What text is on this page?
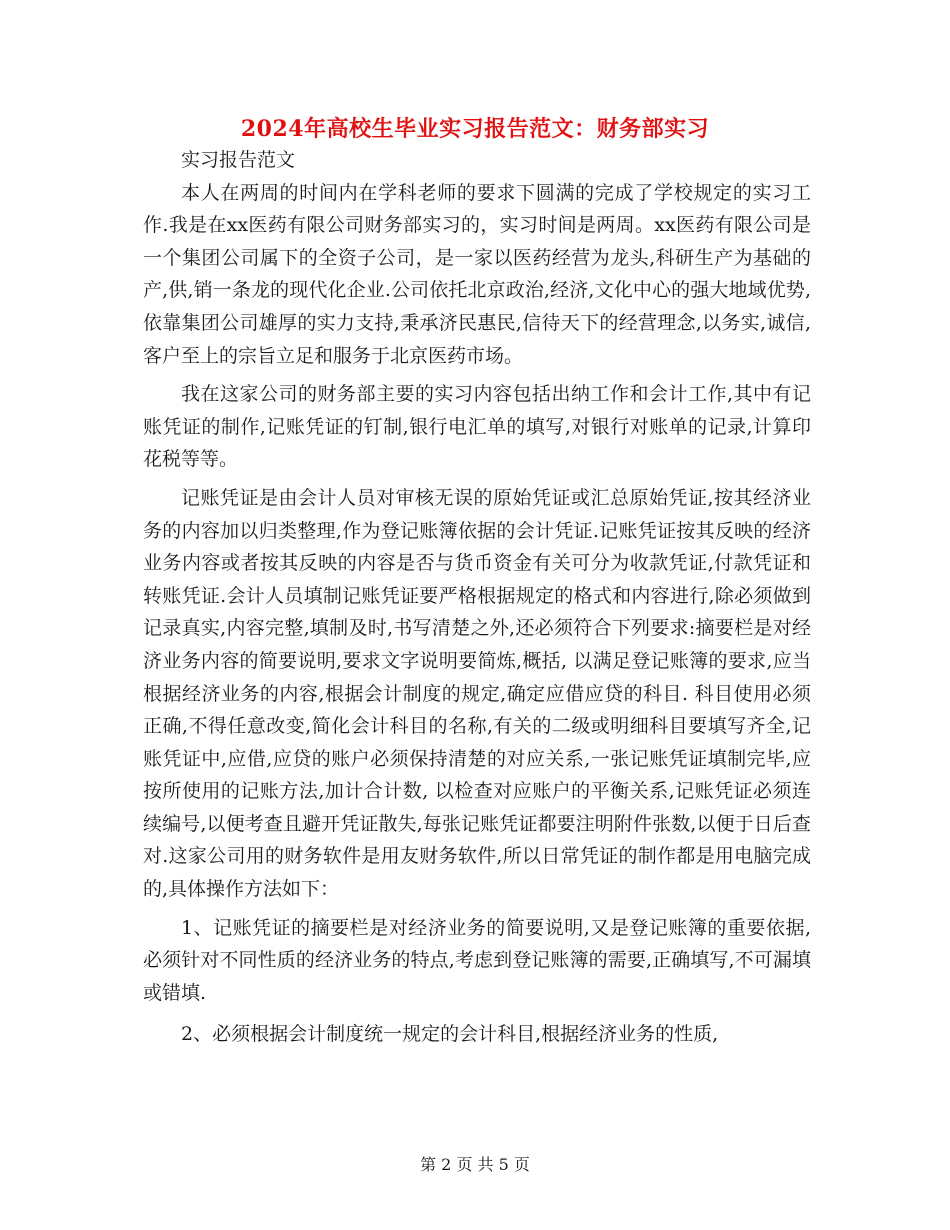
2024年高校生毕业实习报告范文：财务部实习

实习报告范文

本人在两周的时间内在学科老师的要求下圆满的完成了学校规定的实习工作.我是在xx医药有限公司财务部实习的，实习时间是两周。xx医药有限公司是一个集团公司属下的全资子公司，是一家以医药经营为龙头,科研生产为基础的产,供,销一条龙的现代化企业.公司依托北京政治,经济,文化中心的强大地域优势,依靠集团公司雄厚的实力支持,秉承济民惠民,信待天下的经营理念,以务实,诚信,客户至上的宗旨立足和服务于北京医药市场。

我在这家公司的财务部主要的实习内容包括出纳工作和会计工作,其中有记账凭证的制作,记账凭证的钉制,银行电汇单的填写,对银行对账单的记录,计算印花税等等。

记账凭证是由会计人员对审核无误的原始凭证或汇总原始凭证,按其经济业务的内容加以归类整理,作为登记账簿依据的会计凭证.记账凭证按其反映的经济业务内容或者按其反映的内容是否与货币资金有关可分为收款凭证,付款凭证和转账凭证.会计人员填制记账凭证要严格根据规定的格式和内容进行,除必须做到记录真实,内容完整,填制及时,书写清楚之外,还必须符合下列要求:摘要栏是对经济业务内容的简要说明,要求文字说明要简炼,概括, 以满足登记账簿的要求,应当根据经济业务的内容,根据会计制度的规定,确定应借应贷的科目. 科目使用必须正确,不得任意改变,简化会计科目的名称,有关的二级或明细科目要填写齐全,记账凭证中,应借,应贷的账户必须保持清楚的对应关系,一张记账凭证填制完毕,应按所使用的记账方法,加计合计数, 以检查对应账户的平衡关系,记账凭证必须连续编号,以便考查且避开凭证散失,每张记账凭证都要注明附件张数,以便于日后查对.这家公司用的财务软件是用友财务软件,所以日常凭证的制作都是用电脑完成的,具体操作方法如下：

1、记账凭证的摘要栏是对经济业务的简要说明,又是登记账簿的重要依据,必须针对不同性质的经济业务的特点,考虑到登记账簿的需要,正确填写,不可漏填或错填.

2、必须根据会计制度统一规定的会计科目,根据经济业务的性质,

第 2 页 共 5 页
